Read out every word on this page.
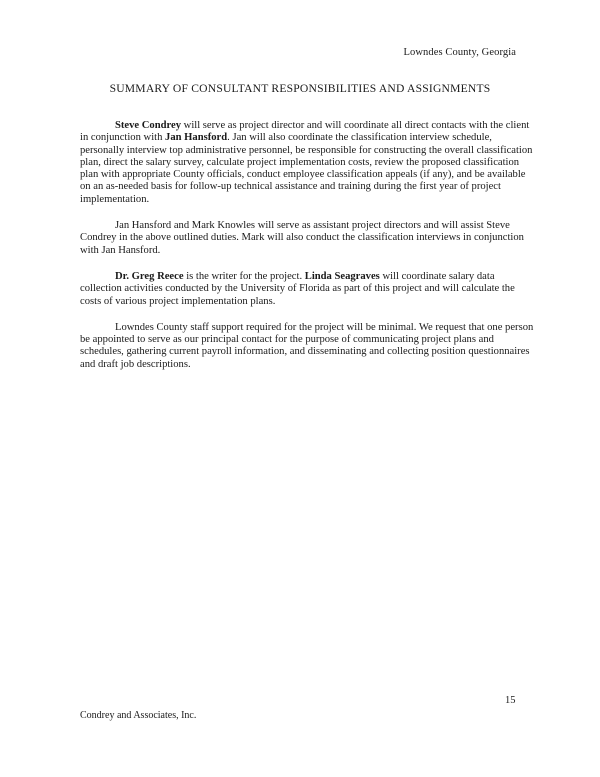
Lowndes County, Georgia
SUMMARY OF CONSULTANT RESPONSIBILITIES AND ASSIGNMENTS

Steve Condrey will serve as project director and will coordinate all direct contacts with the client in conjunction with Jan Hansford. Jan will also coordinate the classification interview schedule, personally interview top administrative personnel, be responsible for constructing the overall classification plan, direct the salary survey, calculate project implementation costs, review the proposed classification plan with appropriate County officials, conduct employee classification appeals (if any), and be available on an as-needed basis for follow-up technical assistance and training during the first year of project implementation.

Jan Hansford and Mark Knowles will serve as assistant project directors and will assist Steve Condrey in the above outlined duties. Mark will also conduct the classification interviews in conjunction with Jan Hansford.

Dr. Greg Reece is the writer for the project. Linda Seagraves will coordinate salary data collection activities conducted by the University of Florida as part of this project and will calculate the costs of various project implementation plans.

Lowndes County staff support required for the project will be minimal. We request that one person be appointed to serve as our principal contact for the purpose of communicating project plans and schedules, gathering current payroll information, and disseminating and collecting position questionnaires and draft job descriptions.

15
Condrey and Associates, Inc.
